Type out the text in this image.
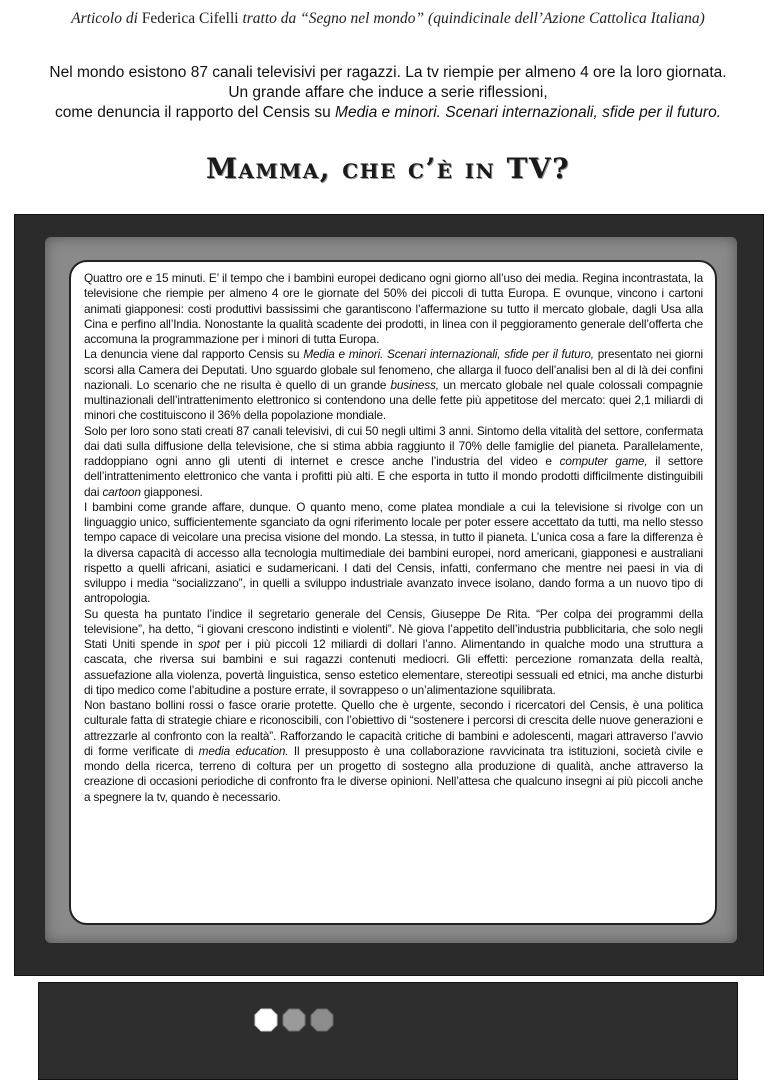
Articolo di Federica Cifelli tratto da “Segno nel mondo” (quindicinale dell’Azione Cattolica Italiana)
Nel mondo esistono 87 canali televisivi per ragazzi. La tv riempie per almeno 4 ore la loro giornata.
Un grande affare che induce a serie riflessioni,
come denuncia il rapporto del Censis su Media e minori. Scenari internazionali, sfide per il futuro.
Mamma, che c’è in TV?

Quattro ore e 15 minuti. E’ il tempo che i bambini europei dedicano ogni giorno all’uso dei media. Regina incontrastata, la televisione che riempie per almeno 4 ore le giornate del 50% dei piccoli di tutta Europa. E ovunque, vincono i cartoni animati giapponesi: costi produttivi bassissimi che garantiscono l’affermazione su tutto il mercato globale, dagli Usa alla Cina e perfino all’India. Nonostante la qualità scadente dei prodotti, in linea con il peggioramento generale dell’offerta che accomuna la programmazione per i minori di tutta Europa.

La denuncia viene dal rapporto Censis su Media e minori. Scenari internazionali, sfide per il futuro, presentato nei giorni scorsi alla Camera dei Deputati. Uno sguardo globale sul fenomeno, che allarga il fuoco dell’analisi ben al di là dei confini nazionali. Lo scenario che ne risulta è quello di un grande business, un mercato globale nel quale colossali compagnie multinazionali dell’intrattenimento elettronico si contendono una delle fette più appetitose del mercato: quei 2,1 miliardi di minori che costituiscono il 36% della popolazione mondiale.

Solo per loro sono stati creati 87 canali televisivi, di cui 50 negli ultimi 3 anni. Sintomo della vitalità del settore, confermata dai dati sulla diffusione della televisione, che si stima abbia raggiunto il 70% delle famiglie del pianeta. Parallelamente, raddoppiano ogni anno gli utenti di internet e cresce anche l’industria del video e computer game, il settore dell’intrattenimento elettronico che vanta i profitti più alti. E che esporta in tutto il mondo prodotti difficilmente distinguibili dai cartoon giapponesi.

I bambini come grande affare, dunque. O quanto meno, come platea mondiale a cui la televisione si rivolge con un linguaggio unico, sufficientemente sganciato da ogni riferimento locale per poter essere accettato da tutti, ma nello stesso tempo capace di veicolare una precisa visione del mondo. La stessa, in tutto il pianeta. L’unica cosa a fare la differenza è la diversa capacità di accesso alla tecnologia multimediale dei bambini europei, nord americani, giapponesi e australiani rispetto a quelli africani, asiatici e sudamericani. I dati del Censis, infatti, confermano che mentre nei paesi in via di sviluppo i media “socializzano”, in quelli a sviluppo industriale avanzato invece isolano, dando forma a un nuovo tipo di antropologia.

Su questa ha puntato l’indice il segretario generale del Censis, Giuseppe De Rita. “Per colpa dei programmi della televisione”, ha detto, “i giovani crescono indistinti e violenti”. Nè giova l’appetito dell’industria pubblicitaria, che solo negli Stati Uniti spende in spot per i più piccoli 12 miliardi di dollari l’anno. Alimentando in qualche modo una struttura a cascata, che riversa sui bambini e sui ragazzi contenuti mediocri. Gli effetti: percezione romanzata della realtà, assuefazione alla violenza, povertà linguistica, senso estetico elementare, stereotipi sessuali ed etnici, ma anche disturbi di tipo medico come l’abitudine a posture errate, il sovrappeso o un’alimentazione squilibrata.

Non bastano bollini rossi o fasce orarie protette. Quello che è urgente, secondo i ricercatori del Censis, è una politica culturale fatta di strategie chiare e riconoscibili, con l’obiettivo di “sostenere i percorsi di crescita delle nuove generazioni e attrezzarle al confronto con la realtà”. Rafforzando le capacità critiche di bambini e adolescenti, magari attraverso l’avvio di forme verificate di media education. Il presupposto è una collaborazione ravvicinata tra istituzioni, società civile e mondo della ricerca, terreno di coltura per un progetto di sostegno alla produzione di qualità, anche attraverso la creazione di occasioni periodiche di confronto fra le diverse opinioni. Nell’attesa che qualcuno insegni ai più piccoli anche a spegnere la tv, quando è necessario.
